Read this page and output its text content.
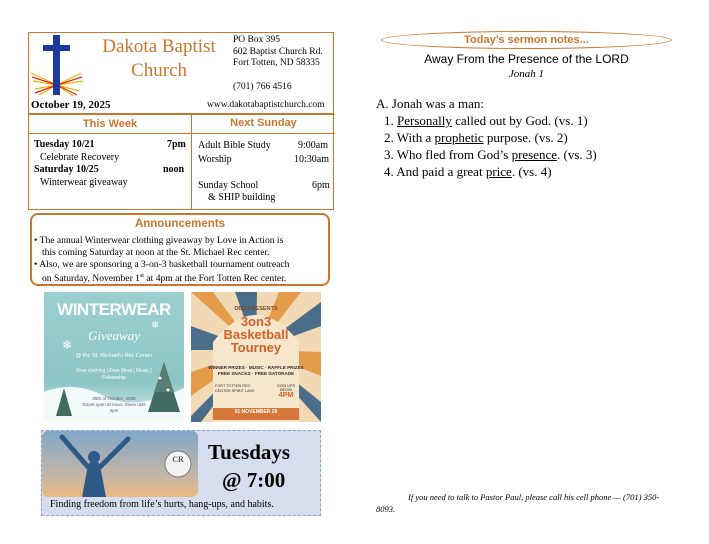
Dakota Baptist
Church
PO Box 395
602 Baptist Church Rd.
Fort Totten, ND 58335
(701) 766 4516
October 19, 2025	www.dakotabaptistchurch.com
This Week	Next Sunday
Tuesday 10/21	7pm
Celebrate Recovery
Saturday 10/25	noon
Winterwear giveaway
Adult Bible Study	9:00am
Worship	10:30am
Sunday School	6pm
& SHIP building
Announcements
• The annual Winterwear clothing giveaway by Love in Action is
this coming Saturday at noon at the St. Michael Rec center.
• Also, we are sponsoring a 3-on-3 basketball tournament outreach
on Saturday, November 1st at 4pm at the Fort Totten Rec center.
❄
❄
WINTERWEAR
Giveaway
@ the St. Michael's Rec Center
Free clothing | Free Meal | Music | Fellowship
25th of October, 2025
Doors open at noon, Gives until 3pm
DBC PRESENTS
3on3
Basketball
Tourney
WINNER PRIZES · MUSIC · RAFFLE PRIZES
FREE SNACKS · FREE GATORADE
FORT TOTTEN REC CENTER SPIRIT LAKE
SIGN UPS BEGIN
4PM
01 NOVEMBER 25
CR Tuesdays
@ 7:00
Finding freedom from life’s hurts, hang-ups, and habits.
Today’s sermon notes...
Away From the Presence of the LORD
Jonah 1
A. Jonah was a man:
1. Personally called out by God. (vs. 1)
2. With a prophetic purpose. (vs. 2)
3. Who fled from God’s presence. (vs. 3)
4. And paid a great price. (vs. 4)
If you need to talk to Pastor Paul, please call his cell phone — (701) 350-8093.
